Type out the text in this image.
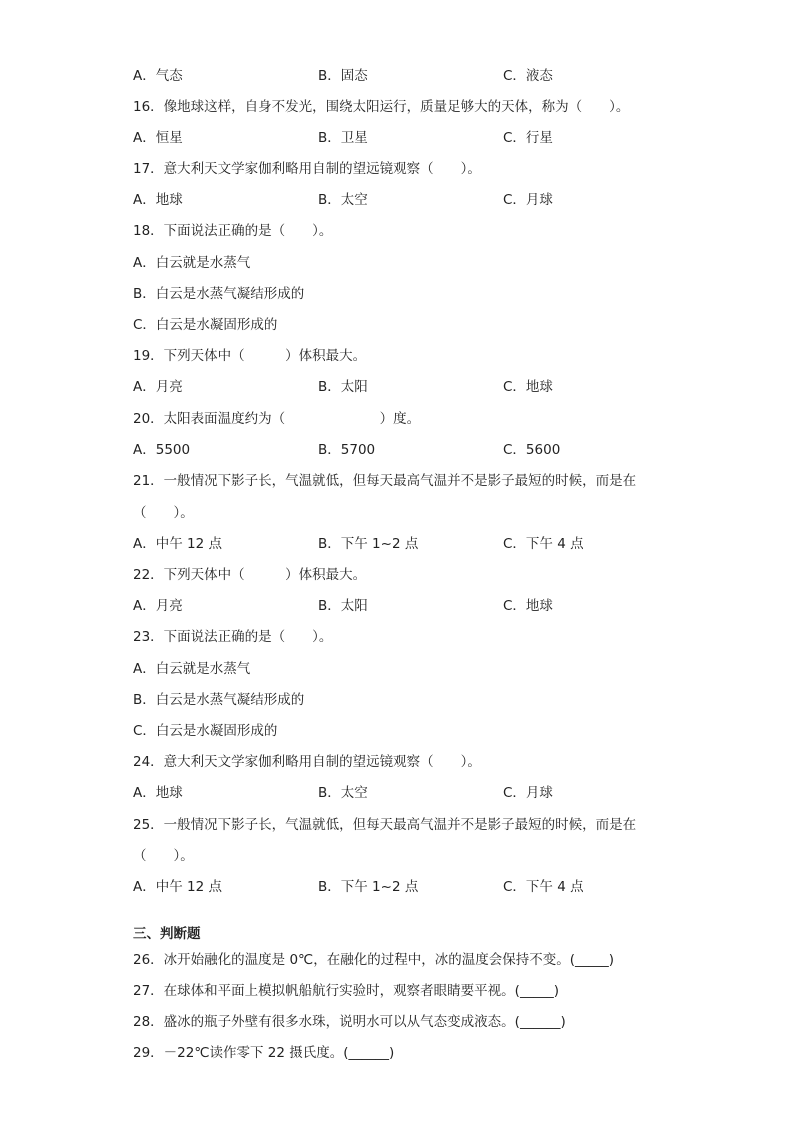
A．气态	B．固态	C．液态
16．像地球这样，自身不发光，围绕太阳运行，质量足够大的天体，称为（　　）。
A．恒星	B．卫星	C．行星
17．意大利天文学家伽利略用自制的望远镜观察（　　）。
A．地球	B．太空	C．月球
18．下面说法正确的是（　　）。
A．白云就是水蒸气
B．白云是水蒸气凝结形成的
C．白云是水凝固形成的
19．下列天体中（　　　）体积最大。
A．月亮	B．太阳	C．地球
20．太阳表面温度约为（　　　　　　　）度。
A．5500	B．5700	C．5600
21．一般情况下影子长，气温就低，但每天最高气温并不是影子最短的时候，而是在
（　　）。
A．中午 12 点	B．下午 1~2 点	C．下午 4 点
22．下列天体中（　　　）体积最大。
A．月亮	B．太阳	C．地球
23．下面说法正确的是（　　）。
A．白云就是水蒸气
B．白云是水蒸气凝结形成的
C．白云是水凝固形成的
24．意大利天文学家伽利略用自制的望远镜观察（　　）。
A．地球	B．太空	C．月球
25．一般情况下影子长，气温就低，但每天最高气温并不是影子最短的时候，而是在
（　　）。
A．中午 12 点	B．下午 1~2 点	C．下午 4 点
三、判断题
26．冰开始融化的温度是 0℃，在融化的过程中，冰的温度会保持不变。(_____)
27．在球体和平面上模拟帆船航行实验时，观察者眼睛要平视。(_____)
28．盛冰的瓶子外壁有很多水珠，说明水可以从气态变成液态。(______)
29．－22℃读作零下 22 摄氏度。(______)
